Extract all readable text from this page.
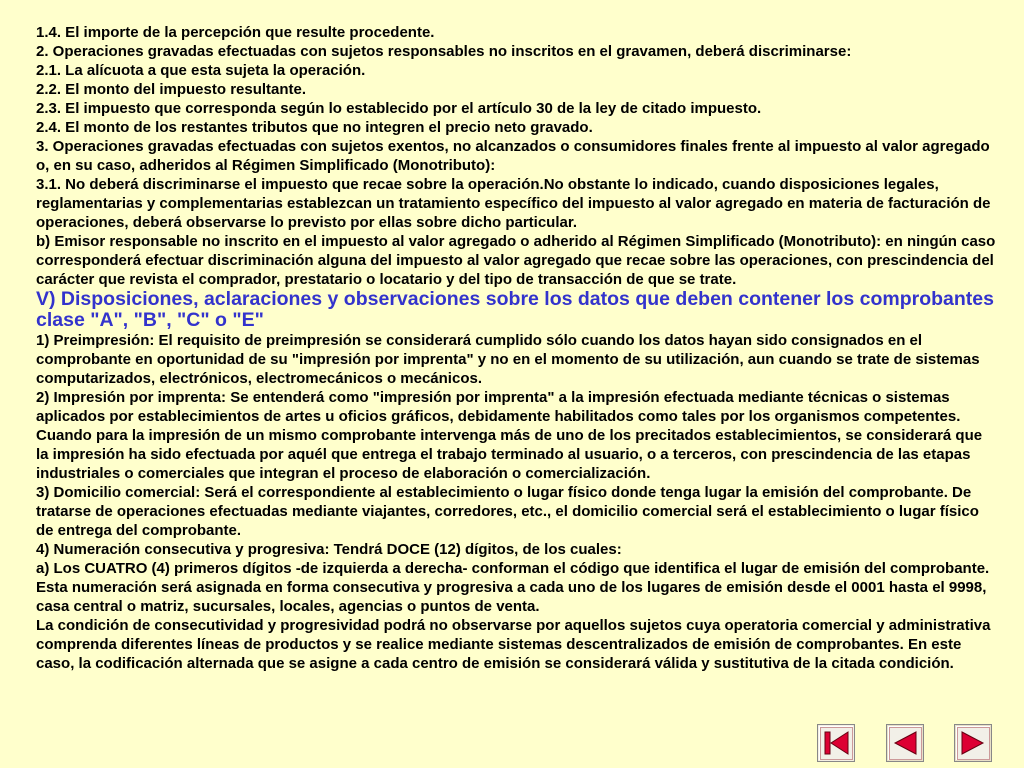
1.4. El importe de la percepción que resulte procedente.

2. Operaciones gravadas efectuadas con sujetos responsables no inscritos en el gravamen, deberá discriminarse:

2.1. La alícuota a que esta sujeta la operación.

2.2. El monto del impuesto resultante.

2.3. El impuesto que corresponda según lo establecido por el artículo 30 de la ley de citado impuesto.

2.4. El monto de los restantes tributos que no integren el precio neto gravado.

3. Operaciones gravadas efectuadas con sujetos exentos, no alcanzados o consumidores finales frente al impuesto al valor agregado o, en su caso, adheridos al Régimen Simplificado (Monotributo):

3.1. No deberá discriminarse el impuesto que recae sobre la operación.No obstante lo indicado, cuando disposiciones legales, reglamentarias y complementarias establezcan un tratamiento específico del impuesto al valor agregado en materia de facturación de operaciones, deberá observarse lo previsto por ellas sobre dicho particular.

b) Emisor responsable no inscrito en el impuesto al valor agregado o adherido al Régimen Simplificado (Monotributo): en ningún caso corresponderá efectuar discriminación alguna del impuesto al valor agregado que recae sobre las operaciones, con prescindencia del carácter que revista el comprador, prestatario o locatario y del tipo de transacción de que se trate.

V) Disposiciones, aclaraciones y observaciones sobre los datos que deben contener los comprobantes clase "A", "B", "C" o "E"

1) Preimpresión: El requisito de preimpresión se considerará cumplido sólo cuando los datos hayan sido consignados en el comprobante en oportunidad de su "impresión por imprenta" y no en el momento de su utilización, aun cuando se trate de sistemas computarizados, electrónicos, electromecánicos o mecánicos.

2) Impresión por imprenta: Se entenderá como "impresión por imprenta" a la impresión efectuada mediante técnicas o sistemas aplicados por establecimientos de artes u oficios gráficos, debidamente habilitados como tales por los organismos competentes.

Cuando para la impresión de un mismo comprobante intervenga más de uno de los precitados establecimientos, se considerará que la impresión ha sido efectuada por aquél que entrega el trabajo terminado al usuario, o a terceros, con prescindencia de las etapas industriales o comerciales que integran el proceso de elaboración o comercialización.

3) Domicilio comercial: Será el correspondiente al establecimiento o lugar físico donde tenga lugar la emisión del comprobante. De tratarse de operaciones efectuadas mediante viajantes, corredores, etc., el domicilio comercial será el establecimiento o lugar físico de entrega del comprobante.

4) Numeración consecutiva y progresiva: Tendrá DOCE (12) dígitos, de los cuales:

a) Los CUATRO (4) primeros dígitos -de izquierda a derecha- conforman el código que identifica el lugar de emisión del comprobante.

Esta numeración será asignada en forma consecutiva y progresiva a cada uno de los lugares de emisión desde el 0001 hasta el 9998, casa central o matriz, sucursales, locales, agencias o puntos de venta.

La condición de consecutividad y progresividad podrá no observarse por aquellos sujetos cuya operatoria comercial y administrativa comprenda diferentes líneas de productos y se realice mediante sistemas descentralizados de emisión de comprobantes. En este caso, la codificación alternada que se asigne a cada centro de emisión se considerará válida y sustitutiva de la citada condición.
